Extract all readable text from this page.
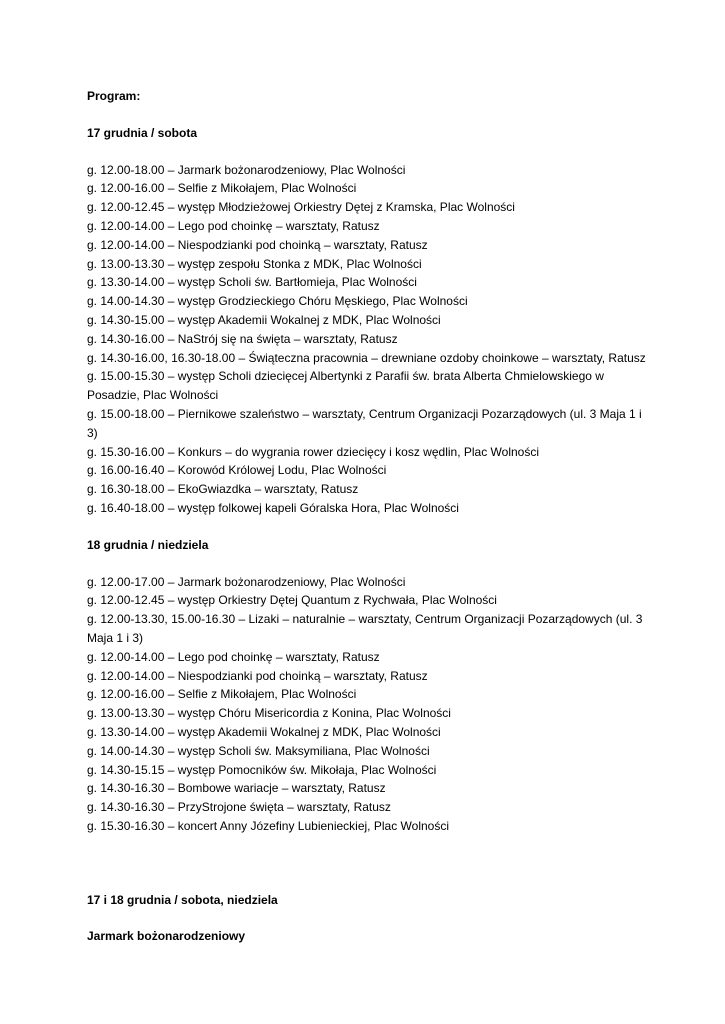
Program:

17 grudnia / sobota

g. 12.00-18.00 – Jarmark bożonarodzeniowy, Plac Wolności
g. 12.00-16.00 – Selfie z Mikołajem, Plac Wolności
g. 12.00-12.45 – występ Młodzieżowej Orkiestry Dętej z Kramska, Plac Wolności
g. 12.00-14.00 – Lego pod choinkę – warsztaty, Ratusz
g. 12.00-14.00 – Niespodzianki pod choinką – warsztaty, Ratusz
g. 13.00-13.30 – występ zespołu Stonka z MDK, Plac Wolności
g. 13.30-14.00 – występ Scholi św. Bartłomieja, Plac Wolności
g. 14.00-14.30 – występ Grodzieckiego Chóru Męskiego, Plac Wolności
g. 14.30-15.00 – występ Akademii Wokalnej z MDK, Plac Wolności
g. 14.30-16.00 – NaStrój się na święta – warsztaty, Ratusz
g. 14.30-16.00, 16.30-18.00 – Świąteczna pracownia – drewniane ozdoby choinkowe – warsztaty, Ratusz
g. 15.00-15.30 – występ Scholi dziecięcej Albertynki z Parafii św. brata Alberta Chmielowskiego w Posadzie, Plac Wolności
g. 15.00-18.00 – Piernikowe szaleństwo – warsztaty, Centrum Organizacji Pozarządowych (ul. 3 Maja 1 i 3)
g. 15.30-16.00 – Konkurs – do wygrania rower dziecięcy i kosz wędlin, Plac Wolności
g. 16.00-16.40 – Korowód Królowej Lodu, Plac Wolności
g. 16.30-18.00 – EkoGwiazdka – warsztaty, Ratusz
g. 16.40-18.00 – występ folkowej kapeli Góralska Hora, Plac Wolności

18 grudnia / niedziela

g. 12.00-17.00 – Jarmark bożonarodzeniowy, Plac Wolności
g. 12.00-12.45 – występ Orkiestry Dętej Quantum z Rychwała, Plac Wolności
g. 12.00-13.30, 15.00-16.30 – Lizaki – naturalnie – warsztaty, Centrum Organizacji Pozarządowych (ul. 3 Maja 1 i 3)
g. 12.00-14.00 – Lego pod choinkę – warsztaty, Ratusz
g. 12.00-14.00 – Niespodzianki pod choinką – warsztaty, Ratusz
g. 12.00-16.00 – Selfie z Mikołajem, Plac Wolności
g. 13.00-13.30 – występ Chóru Misericordia z Konina, Plac Wolności
g. 13.30-14.00 – występ Akademii Wokalnej z MDK, Plac Wolności
g. 14.00-14.30 – występ Scholi św. Maksymiliana, Plac Wolności
g. 14.30-15.15 – występ Pomocników św. Mikołaja, Plac Wolności
g. 14.30-16.30 – Bombowe wariacje – warsztaty, Ratusz
g. 14.30-16.30 – PrzyStrojone święta – warsztaty, Ratusz
g. 15.30-16.30 – koncert Anny Józefiny Lubienieckiej, Plac Wolności

17 i 18 grudnia / sobota, niedziela

Jarmark bożonarodzeniowy
